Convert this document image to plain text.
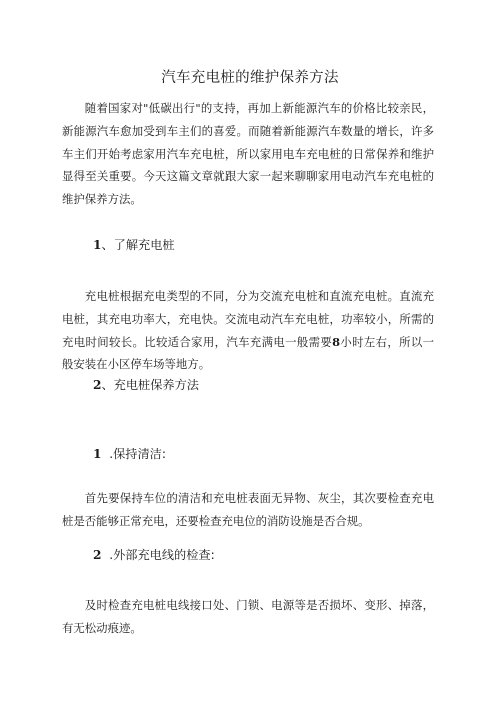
汽车充电桩的维护保养方法

随着国家对"低碳出行"的支持，再加上新能源汽车的价格比较亲民，新能源汽车愈加受到车主们的喜爱。而随着新能源汽车数量的增长，许多车主们开始考虑家用汽车充电桩，所以家用电车充电桩的日常保养和维护显得至关重要。今天这篇文章就跟大家一起来聊聊家用电动汽车充电桩的维护保养方法。

1、了解充电桩

充电桩根据充电类型的不同，分为交流充电桩和直流充电桩。直流充电桩，其充电功率大，充电快。交流电动汽车充电桩，功率较小，所需的充电时间较长。比较适合家用，汽车充满电一般需要8小时左右，所以一般安装在小区停车场等地方。

2、充电桩保养方法
1 .保持清洁:

首先要保持车位的清洁和充电桩表面无异物、灰尘，其次要检查充电桩是否能够正常充电，还要检查充电位的消防设施是否合规。

2 .外部充电线的检查:

及时检查充电桩电线接口处、门锁、电源等是否损坏、变形、掉落，有无松动痕迹。
